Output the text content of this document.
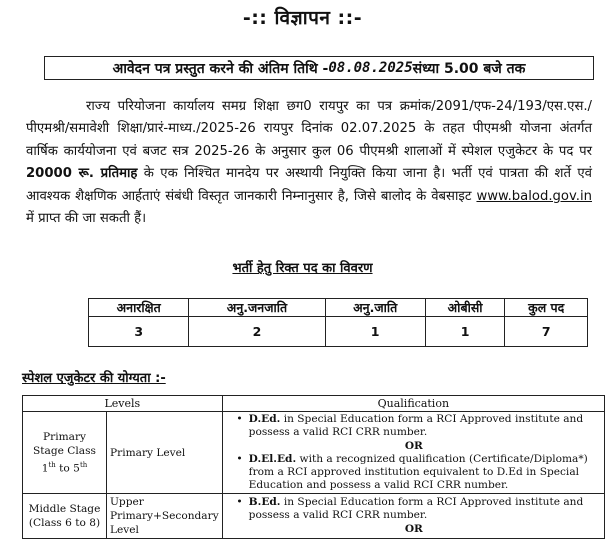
-:: विज्ञापन ::-
आवेदन पत्र प्रस्तुत करने की अंतिम तिथि - 08.08.2025 संध्या 5.00 बजे तक
राज्य परियोजना कार्यालय समग्र शिक्षा छग0 रायपुर का पत्र क्रमांक/2091/एफ-24/193/एस.एस./पीएमश्री/समावेशी शिक्षा/प्रारं-माध्य./2025-26 रायपुर दिनांक 02.07.2025 के तहत पीएमश्री योजना अंतर्गत वार्षिक कार्ययोजना एवं बजट सत्र 2025-26 के अनुसार कुल 06 पीएमश्री शालाओं में स्पेशल एजुकेटर के पद पर 20000 रू. प्रतिमाह के एक निश्चित मानदेय पर अस्थायी नियुक्ति किया जाना है। भर्ती एवं पात्रता की शर्ते एवं आवश्यक शैक्षणिक आर्हताएं संबंधी विस्तृत जानकारी निम्नानुसार है, जिसे बालोद के वेबसाइट www.balod.gov.in में प्राप्त की जा सकती हैं।
भर्ती हेतु रिक्त पद का विवरण
अनारक्षित	अनु.जनजाति	अनु.जाति	ओबीसी	कुल पद
3	2	1	1	7
स्पेशल एजुकेटर की योग्यता :-
Levels		Qualification
Primary Stage Class 1th to 5th	Primary Level	• D.Ed. in Special Education form a RCI Approved institute and possess a valid RCI CRR number.
OR
• D.El.Ed. with a recognized qualification (Certificate/Diploma*) from a RCI approved institution equivalent to D.Ed in Special Education and possess a valid RCI CRR number.

Middle Stage (Class 6 to 8)	Upper Primary+Secondary Level	• B.Ed. in Special Education form a RCI Approved institute and possess a valid RCI CRR number.
OR
